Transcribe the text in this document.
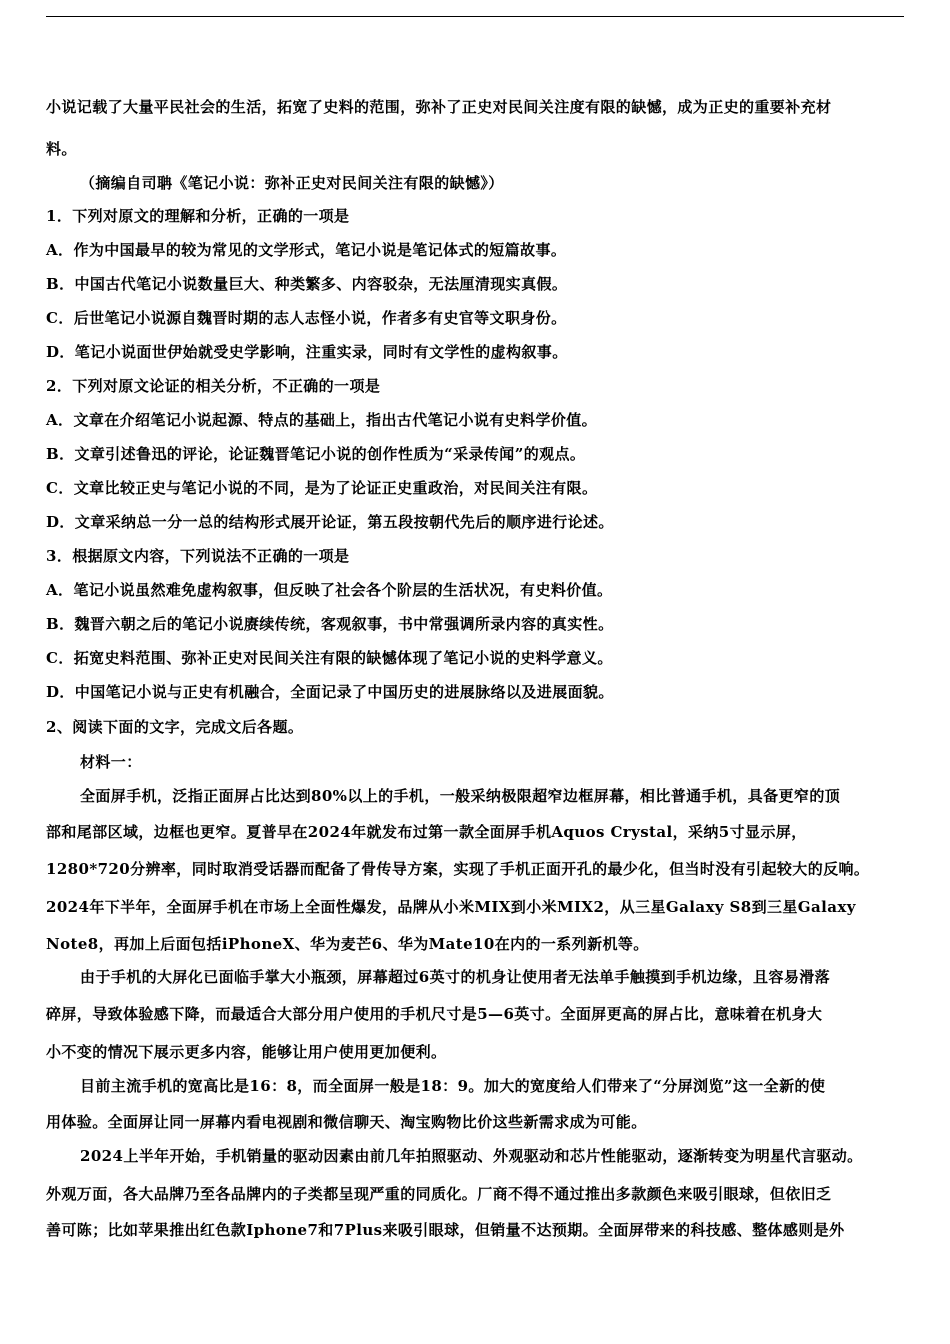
小说记载了大量平民社会的生活，拓宽了史料的范围，弥补了正史对民间关注度有限的缺憾，成为正史的重要补充材
料。
（摘编自司聃《笔记小说：弥补正史对民间关注有限的缺憾》）
1．下列对原文的理解和分析，正确的一项是
A．作为中国最早的较为常见的文学形式，笔记小说是笔记体式的短篇故事。
B．中国古代笔记小说数量巨大、种类繁多、内容驳杂，无法厘清现实真假。
C．后世笔记小说源自魏晋时期的志人志怪小说，作者多有史官等文职身份。
D．笔记小说面世伊始就受史学影响，注重实录，同时有文学性的虚构叙事。
2．下列对原文论证的相关分析，不正确的一项是
A．文章在介绍笔记小说起源、特点的基础上，指出古代笔记小说有史料学价值。
B．文章引述鲁迅的评论，论证魏晋笔记小说的创作性质为“采录传闻”的观点。
C．文章比较正史与笔记小说的不同，是为了论证正史重政治，对民间关注有限。
D．文章采纳总一分一总的结构形式展开论证，第五段按朝代先后的顺序进行论述。
3．根据原文内容，下列说法不正确的一项是
A．笔记小说虽然难免虚构叙事，但反映了社会各个阶层的生活状况，有史料价值。
B．魏晋六朝之后的笔记小说赓续传统，客观叙事，书中常强调所录内容的真实性。
C．拓宽史料范围、弥补正史对民间关注有限的缺憾体现了笔记小说的史料学意义。
D．中国笔记小说与正史有机融合，全面记录了中国历史的进展脉络以及进展面貌。
2、阅读下面的文字，完成文后各题。
材料一：
全面屏手机，泛指正面屏占比达到80%以上的手机，一般采纳极限超窄边框屏幕，相比普通手机，具备更窄的顶
部和尾部区域，边框也更窄。夏普早在2024年就发布过第一款全面屏手机Aquos Crystal，采纳5寸显示屏，
1280*720分辨率，同时取消受话器而配备了骨传导方案，实现了手机正面开孔的最少化，但当时没有引起较大的反响。
2024年下半年，全面屏手机在市场上全面性爆发，品牌从小米MIX到小米MIX2，从三星Galaxy S8到三星Galaxy
Note8，再加上后面包括iPhoneX、华为麦芒6、华为Mate10在内的一系列新机等。
由于手机的大屏化已面临手掌大小瓶颈，屏幕超过6英寸的机身让使用者无法单手触摸到手机边缘，且容易滑落
碎屏，导致体验感下降，而最适合大部分用户使用的手机尺寸是5—6英寸。全面屏更高的屏占比，意味着在机身大
小不变的情况下展示更多内容，能够让用户使用更加便利。
目前主流手机的宽高比是16：8，而全面屏一般是18：9。加大的宽度给人们带来了“分屏浏览”这一全新的使
用体验。全面屏让同一屏幕内看电视剧和微信聊天、淘宝购物比价这些新需求成为可能。
2024上半年开始，手机销量的驱动因素由前几年拍照驱动、外观驱动和芯片性能驱动，逐渐转变为明星代言驱动。
外观万面，各大品牌乃至各品牌内的子类都呈现严重的同质化。厂商不得不通过推出多款颜色来吸引眼球，但依旧乏
善可陈；比如苹果推出红色款Iphone7和7Plus来吸引眼球，但销量不达预期。全面屏带来的科技感、整体感则是外
